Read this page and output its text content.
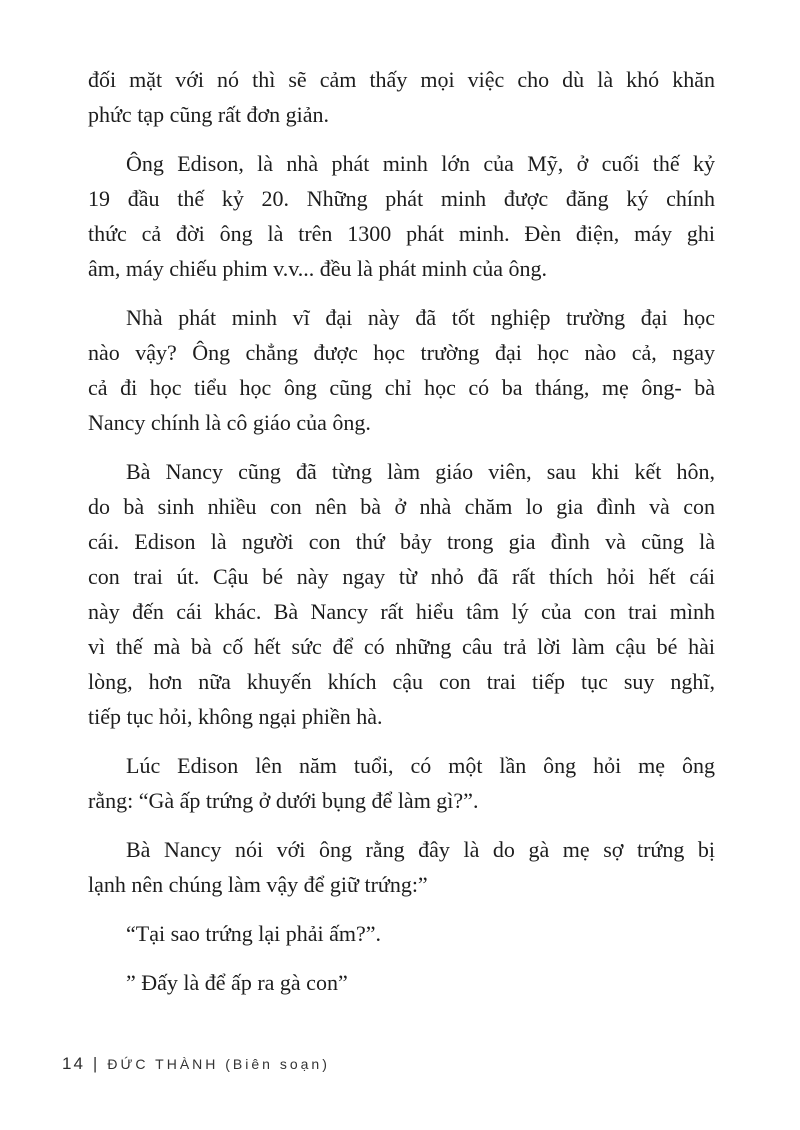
đối mặt với nó thì sẽ cảm thấy mọi việc cho dù là khó khăn
phức tạp cũng rất đơn giản.
Ông Edison, là nhà phát minh lớn của Mỹ, ở cuối thế kỷ
19 đầu thế kỷ 20. Những phát minh được đăng ký chính
thức cả đời ông là trên 1300 phát minh. Đèn điện, máy ghi
âm, máy chiếu phim v.v... đều là phát minh của ông.
Nhà phát minh vĩ đại này đã tốt nghiệp trường đại học
nào vậy? Ông chẳng được học trường đại học nào cả, ngay
cả đi học tiểu học ông cũng chỉ học có ba tháng, mẹ ông- bà
Nancy chính là cô giáo của ông.
Bà Nancy cũng đã từng làm giáo viên, sau khi kết hôn,
do bà sinh nhiều con nên bà ở nhà chăm lo gia đình và con
cái. Edison là người con thứ bảy trong gia đình và cũng là
con trai út. Cậu bé này ngay từ nhỏ đã rất thích hỏi hết cái
này đến cái khác. Bà Nancy rất hiểu tâm lý của con trai mình
vì thế mà bà cố hết sức để có những câu trả lời làm cậu bé hài
lòng, hơn nữa khuyến khích cậu con trai tiếp tục suy nghĩ,
tiếp tục hỏi, không ngại phiền hà.
Lúc Edison lên năm tuổi, có một lần ông hỏi mẹ ông
rằng: “Gà ấp trứng ở dưới bụng để làm gì?”.
Bà Nancy nói với ông rằng đây là do gà mẹ sợ trứng bị
lạnh nên chúng làm vậy để giữ trứng:”
“Tại sao trứng lại phải ấm?”.
” Đấy là để ấp ra gà con”
14 | ĐỨC THÀNH (Biên soạn)
